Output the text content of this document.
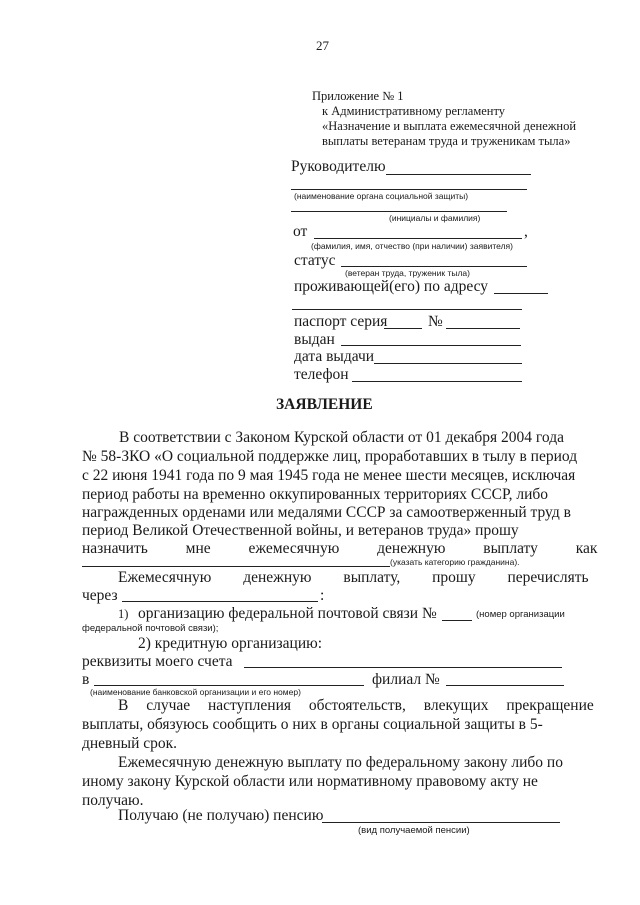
27
Приложение № 1
к Административному регламенту
«Назначение и выплата ежемесячной денежной
выплаты ветеранам труда и труженикам тыла»
Руководителю
(наименование органа социальной защиты)
(инициалы и фамилия)
от	,
(фамилия, имя, отчество (при наличии) заявителя)
статус
(ветеран труда, труженик тыла)
проживающей(его) по адресу
паспорт серия	№
выдан
дата выдачи
телефон
ЗАЯВЛЕНИЕ
В соответствии с Законом Курской области от 01 декабря 2004 года
№ 58-ЗКО «О социальной поддержке лиц, проработавших в тылу в период
с 22 июня 1941 года по 9 мая 1945 года не менее шести месяцев, исключая
период работы на временно оккупированных территориях СССР, либо
награжденных орденами или медалями СССР за самоотверженный труд в
период Великой Отечественной войны, и ветеранов труда» прошу
назначить мне ежемесячную денежную выплату как
(указать категорию гражданина).
Ежемесячную денежную выплату, прошу перечислять
через	:
1) организацию федеральной почтовой связи №	(номер организации
федеральной почтовой связи);
2) кредитную организацию:
реквизиты моего счета
в	филиал №
(наименование банковской организации и его номер)
В случае наступления обстоятельств, влекущих прекращение
выплаты, обязуюсь сообщить о них в органы социальной защиты в 5-
дневный срок.
Ежемесячную денежную выплату по федеральному закону либо по
иному закону Курской области или нормативному правовому акту не
получаю.
Получаю (не получаю) пенсию
(вид получаемой пенсии)
